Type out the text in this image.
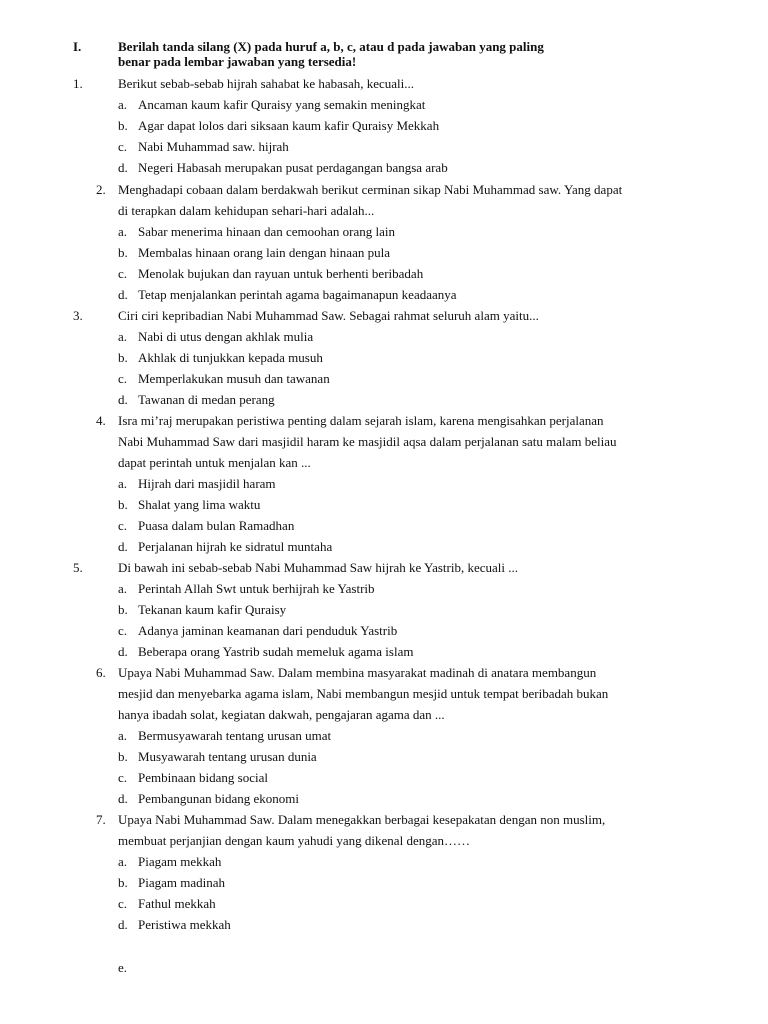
I.	Berilah tanda silang (X) pada huruf a, b, c, atau d pada jawaban yang paling
benar pada lembar jawaban yang tersedia!
e.
1.	Berikut sebab-sebab hijrah sahabat ke habasah, kecuali...
a. Ancaman kaum kafir Quraisy yang semakin meningkat
b. Agar dapat lolos dari siksaan kaum kafir Quraisy Mekkah
c. Nabi Muhammad saw. hijrah
d. Negeri Habasah merupakan pusat perdagangan bangsa arab
2. Menghadapi cobaan dalam berdakwah berikut cerminan sikap Nabi Muhammad saw. Yang dapat
di terapkan dalam kehidupan sehari-hari adalah...
a. Sabar menerima hinaan dan cemoohan orang lain
b. Membalas hinaan orang lain dengan hinaan pula
c. Menolak bujukan dan rayuan untuk berhenti beribadah
d. Tetap menjalankan perintah agama bagaimanapun keadaanya
3.	Ciri ciri kepribadian Nabi Muhammad Saw. Sebagai rahmat seluruh alam yaitu...
a. Nabi di utus dengan akhlak mulia
b. Akhlak di tunjukkan kepada musuh
c. Memperlakukan musuh dan tawanan
d. Tawanan di medan perang
4. Isra mi’raj merupakan peristiwa penting dalam sejarah islam, karena mengisahkan perjalanan
Nabi Muhammad Saw dari masjidil haram ke masjidil aqsa dalam perjalanan satu malam beliau
dapat perintah untuk menjalan kan ...
a. Hijrah dari masjidil haram
b. Shalat yang lima waktu
c. Puasa dalam bulan Ramadhan
d. Perjalanan hijrah ke sidratul muntaha
5.	Di bawah ini sebab-sebab Nabi Muhammad Saw hijrah ke Yastrib, kecuali ...
a. Perintah Allah Swt untuk berhijrah ke Yastrib
b. Tekanan kaum kafir Quraisy
c. Adanya jaminan keamanan dari penduduk Yastrib
d. Beberapa orang Yastrib sudah memeluk agama islam
6. Upaya Nabi Muhammad Saw. Dalam membina masyarakat madinah di anatara membangun
mesjid dan menyebarka agama islam, Nabi membangun mesjid untuk tempat beribadah bukan
hanya ibadah solat, kegiatan dakwah, pengajaran agama dan ...
a. Bermusyawarah tentang urusan umat
b. Musyawarah tentang urusan dunia
c. Pembinaan bidang social
d. Pembangunan bidang ekonomi
7. Upaya Nabi Muhammad Saw. Dalam menegakkan berbagai kesepakatan dengan non muslim,
membuat perjanjian dengan kaum yahudi yang dikenal dengan……
a. Piagam mekkah
b. Piagam madinah
c. Fathul mekkah
d. Peristiwa mekkah
